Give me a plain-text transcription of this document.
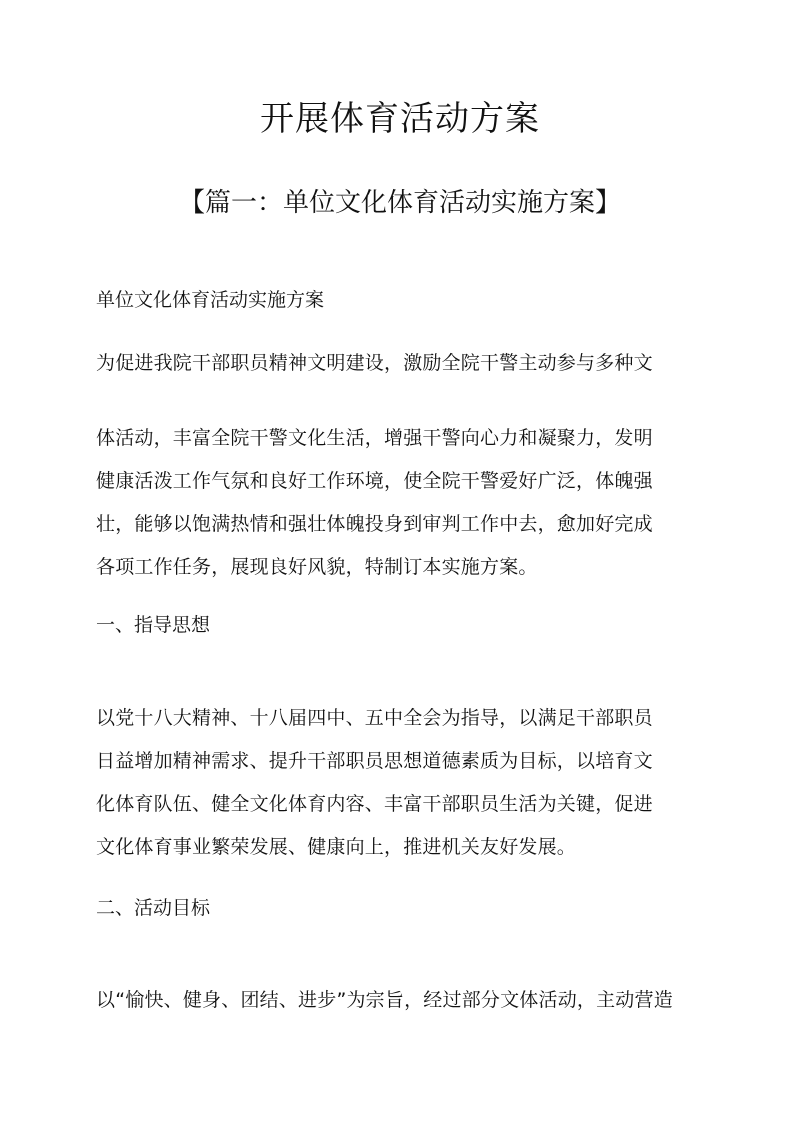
开展体育活动方案
【篇一：单位文化体育活动实施方案】
单位文化体育活动实施方案
为促进我院干部职员精神文明建设，激励全院干警主动参与多种文
体活动，丰富全院干警文化生活，增强干警向心力和凝聚力，发明
健康活泼工作气氛和良好工作环境，使全院干警爱好广泛，体魄强
壮，能够以饱满热情和强壮体魄投身到审判工作中去，愈加好完成
各项工作任务，展现良好风貌，特制订本实施方案。
一、指导思想
以党十八大精神、十八届四中、五中全会为指导，以满足干部职员
日益增加精神需求、提升干部职员思想道德素质为目标，以培育文
化体育队伍、健全文化体育内容、丰富干部职员生活为关键，促进
文化体育事业繁荣发展、健康向上，推进机关友好发展。
二、活动目标
以“愉快、健身、团结、进步”为宗旨，经过部分文体活动，主动营造
